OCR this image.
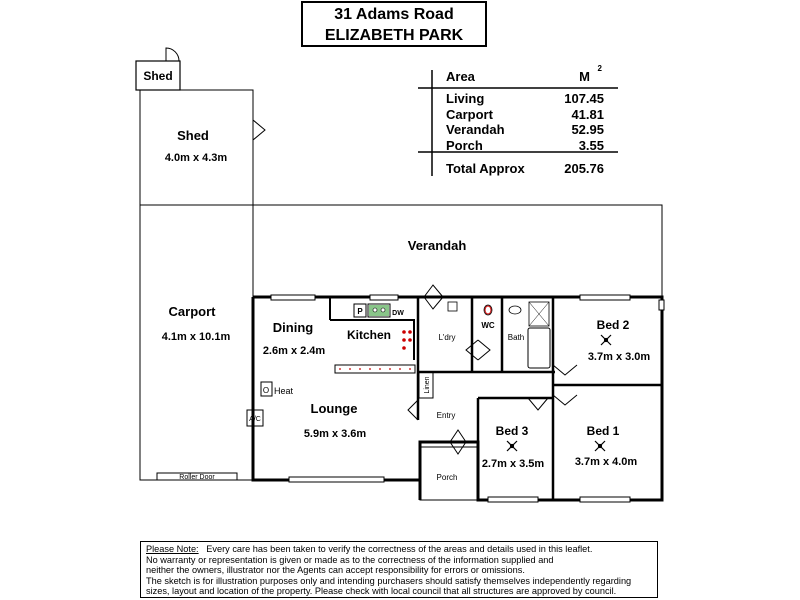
31 Adams Road
ELIZABETH PARK
Area	M
2
Living	107.45
Carport	41.81
Verandah	52.95
Porch	3.55
Total Approx	205.76
Shed
Shed
4.0m x 4.3m
Verandah
Carport
4.1m x 10.1m
Dining
2.6m x 2.4m
Kitchen
P	DW
L'dry
WC
Bath
Bed 2
3.7m x 3.0m
Lounge
5.9m x 3.6m
O Heat
A/C
Linen
Entry
Bed 3
2.7m x 3.5m
Bed 1
3.7m x 4.0m
Porch
Roller Door
Please Note: Every care has been taken to verify the correctness of the areas and details used in this leaflet.
No warranty or representation is given or made as to the correctness of the information supplied and
neither the owners, illustrator nor the Agents can accept responsibility for errors or omissions.
The sketch is for illustration purposes only and intending purchasers should satisfy themselves independently regarding
sizes, layout and location of the property. Please check with local council that all structures are approved by council.
